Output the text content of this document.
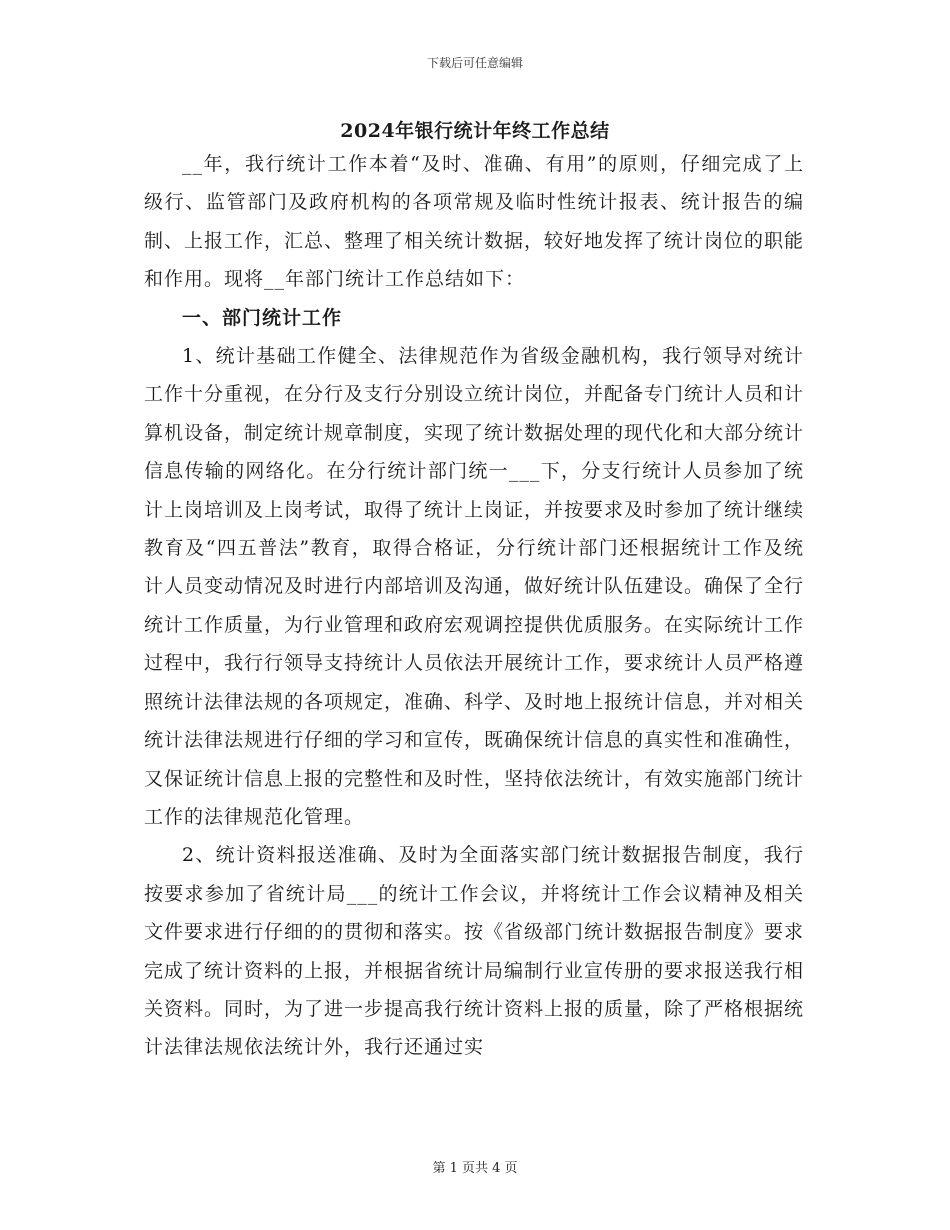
下载后可任意编辑
2024年银行统计年终工作总结

__年，我行统计工作本着“及时、准确、有用”的原则，仔细完成了上级行、监管部门及政府机构的各项常规及临时性统计报表、统计报告的编制、上报工作，汇总、整理了相关统计数据，较好地发挥了统计岗位的职能和作用。现将__年部门统计工作总结如下：

一、部门统计工作

1、统计基础工作健全、法律规范作为省级金融机构，我行领导对统计工作十分重视，在分行及支行分别设立统计岗位，并配备专门统计人员和计算机设备，制定统计规章制度，实现了统计数据处理的现代化和大部分统计信息传输的网络化。在分行统计部门统一___下，分支行统计人员参加了统计上岗培训及上岗考试，取得了统计上岗证，并按要求及时参加了统计继续教育及“四五普法”教育，取得合格证，分行统计部门还根据统计工作及统计人员变动情况及时进行内部培训及沟通，做好统计队伍建设。确保了全行统计工作质量，为行业管理和政府宏观调控提供优质服务。在实际统计工作过程中，我行行领导支持统计人员依法开展统计工作，要求统计人员严格遵照统计法律法规的各项规定，准确、科学、及时地上报统计信息，并对相关统计法律法规进行仔细的学习和宣传，既确保统计信息的真实性和准确性，又保证统计信息上报的完整性和及时性，坚持依法统计，有效实施部门统计工作的法律规范化管理。

2、统计资料报送准确、及时为全面落实部门统计数据报告制度，我行按要求参加了省统计局___的统计工作会议，并将统计工作会议精神及相关文件要求进行仔细的的贯彻和落实。按《省级部门统计数据报告制度》要求完成了统计资料的上报，并根据省统计局编制行业宣传册的要求报送我行相关资料。同时，为了进一步提高我行统计资料上报的质量，除了严格根据统计法律法规依法统计外，我行还通过实

第 1 页共 4 页
